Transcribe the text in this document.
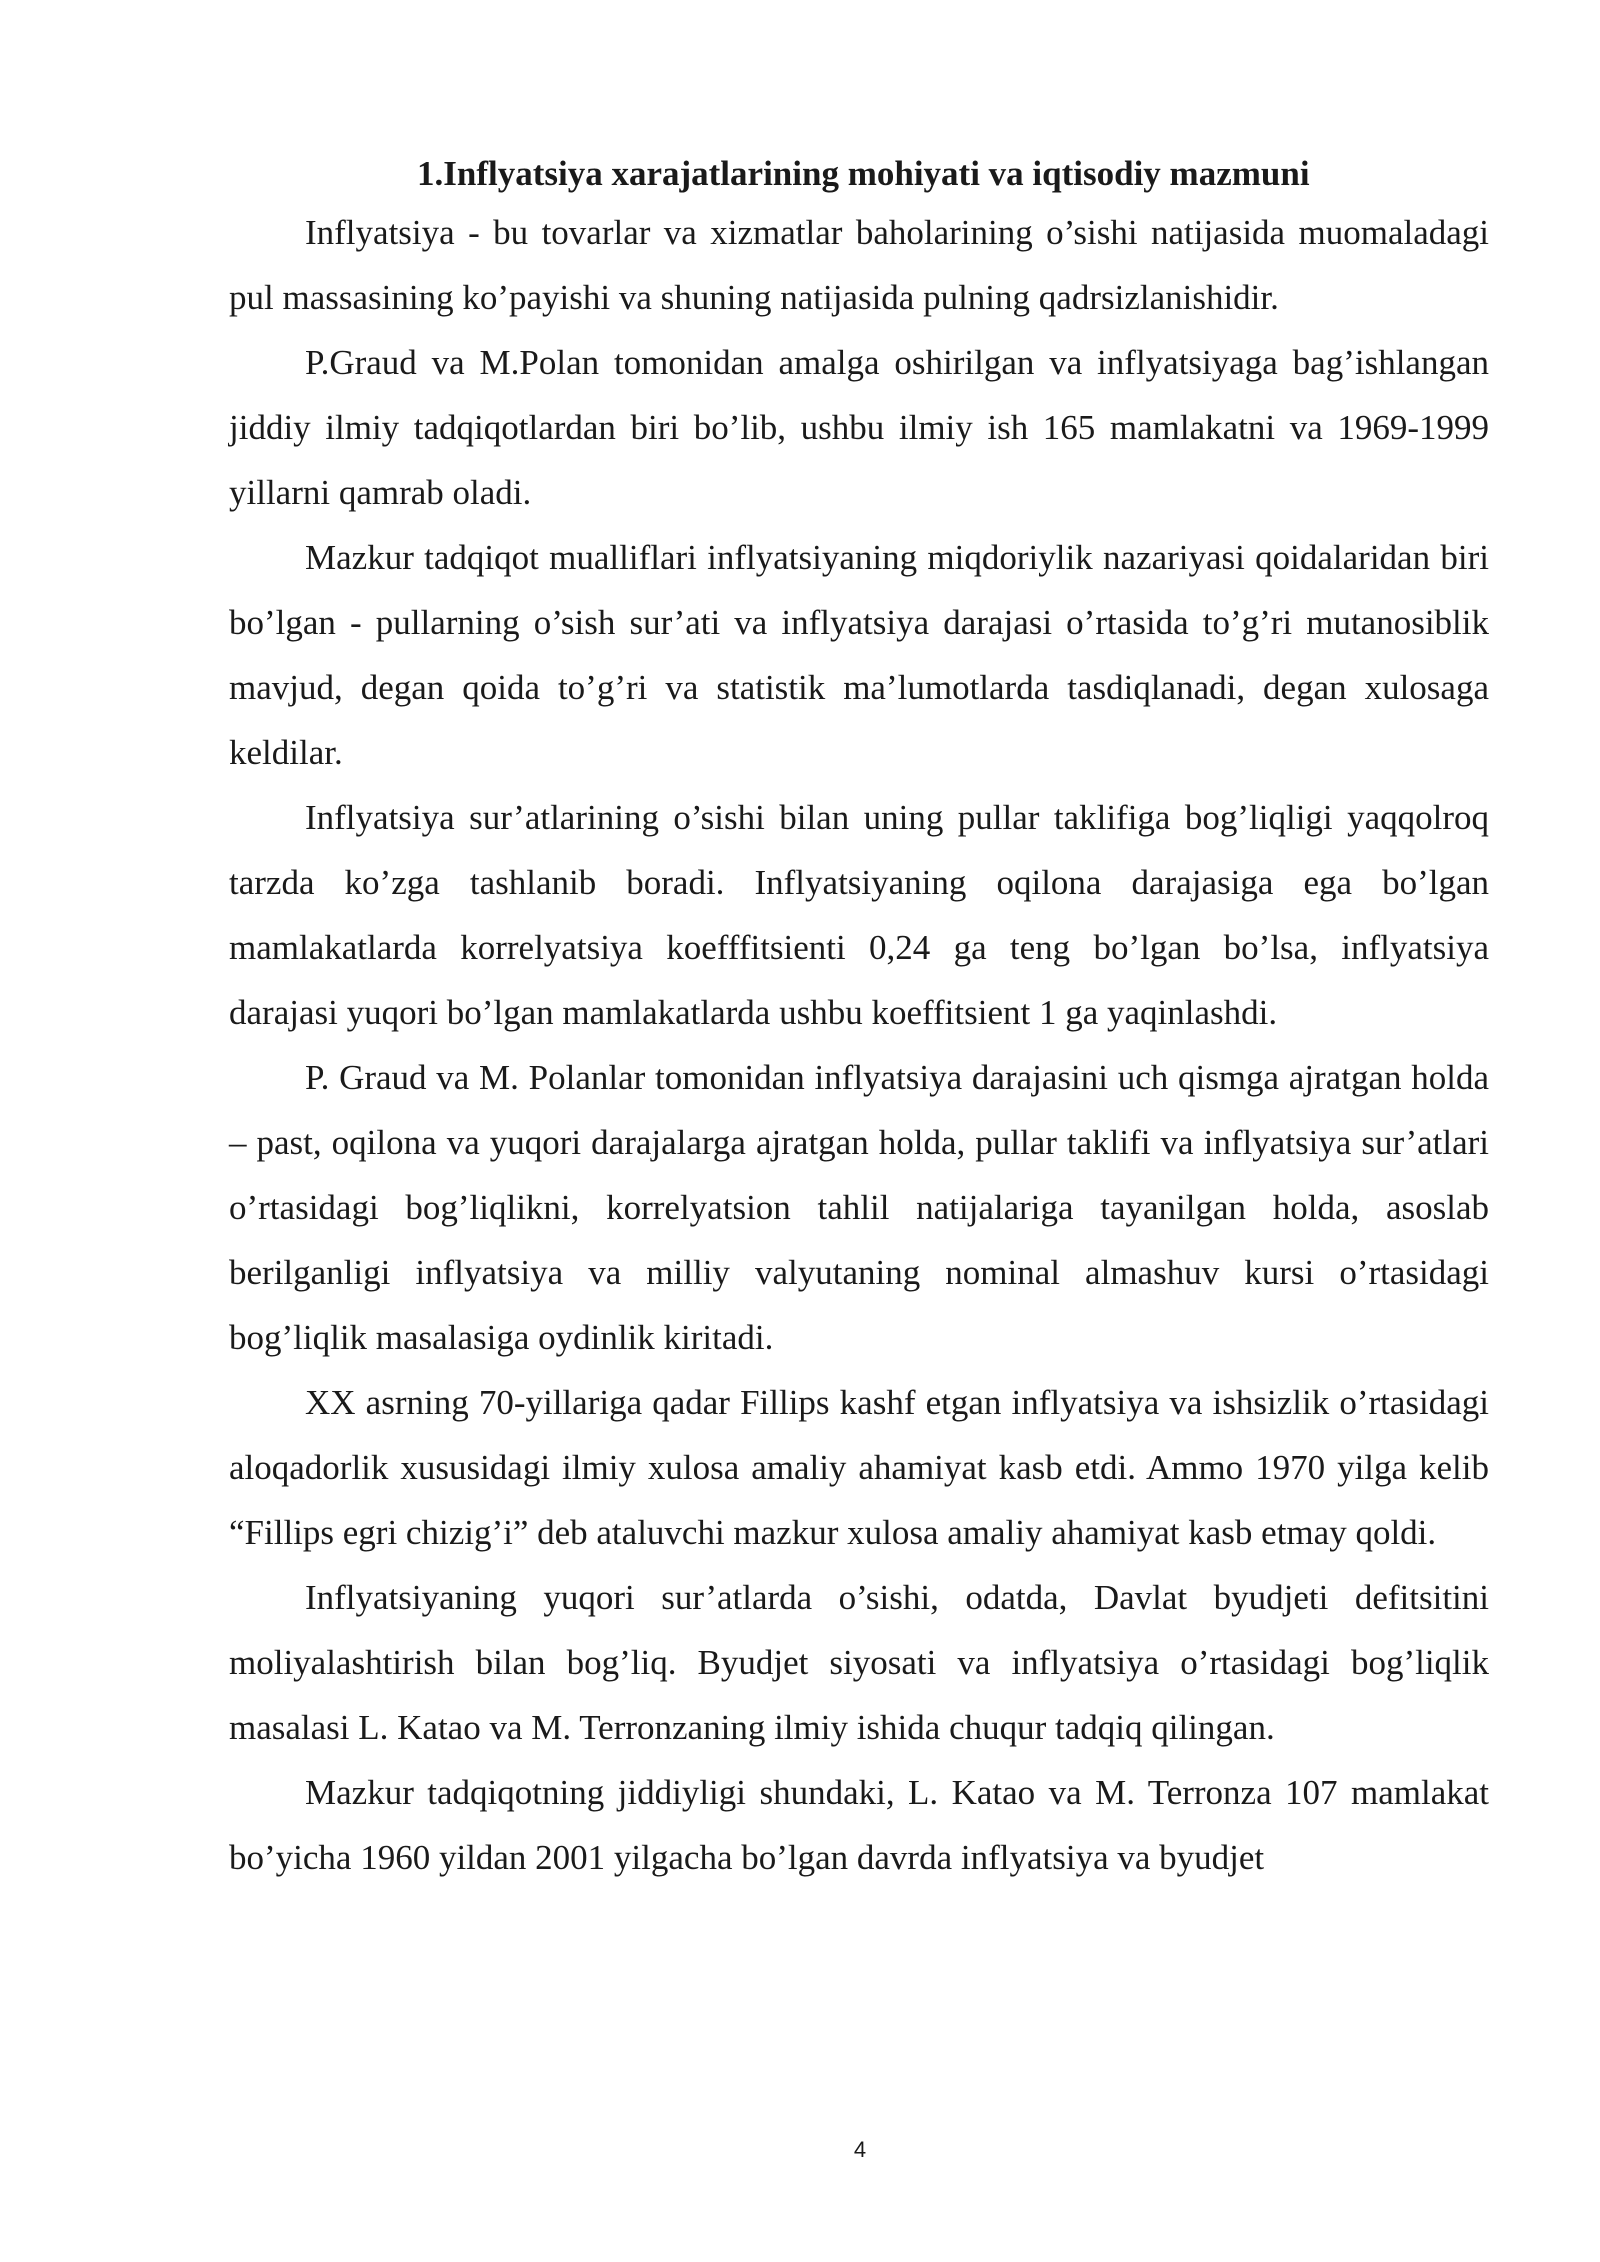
1.Inflyatsiya xarajatlarining mohiyati va iqtisodiy mazmuni

Inflyatsiya - bu tovarlar va xizmatlar baholarining o’sishi natijasida muomaladagi pul massasining ko’payishi va shuning natijasida pulning qadrsizlanishidir.

P.Graud va M.Polan tomonidan amalga oshirilgan va inflyatsiyaga bag’ishlangan jiddiy ilmiy tadqiqotlardan biri bo’lib, ushbu ilmiy ish 165 mamlakatni va 1969-1999 yillarni qamrab oladi.

Mazkur tadqiqot mualliflari inflyatsiyaning miqdoriylik nazariyasi qoidalaridan biri bo’lgan - pullarning o’sish sur’ati va inflyatsiya darajasi o’rtasida to’g’ri mutanosiblik mavjud, degan qoida to’g’ri va statistik ma’lumotlarda tasdiqlanadi, degan xulosaga keldilar.

Inflyatsiya sur’atlarining o’sishi bilan uning pullar taklifiga bog’liqligi yaqqolroq tarzda ko’zga tashlanib boradi. Inflyatsiyaning oqilona darajasiga ega bo’lgan mamlakatlarda korrelyatsiya koefffitsienti 0,24 ga teng bo’lgan bo’lsa, inflyatsiya darajasi yuqori bo’lgan mamlakatlarda ushbu koeffitsient 1 ga yaqinlashdi.

P. Graud va M. Polanlar tomonidan inflyatsiya darajasini uch qismga ajratgan holda – past, oqilona va yuqori darajalarga ajratgan holda, pullar taklifi va inflyatsiya sur’atlari o’rtasidagi bog’liqlikni, korrelyatsion tahlil natijalariga tayanilgan holda, asoslab berilganligi inflyatsiya va milliy valyutaning nominal almashuv kursi o’rtasidagi bog’liqlik masalasiga oydinlik kiritadi.

XX asrning 70-yillariga qadar Fillips kashf etgan inflyatsiya va ishsizlik o’rtasidagi aloqadorlik xususidagi ilmiy xulosa amaliy ahamiyat kasb etdi. Ammo 1970 yilga kelib “Fillips egri chizig’i” deb ataluvchi mazkur xulosa amaliy ahamiyat kasb etmay qoldi.

Inflyatsiyaning yuqori sur’atlarda o’sishi, odatda, Davlat byudjeti defitsitini moliyalashtirish bilan bog’liq. Byudjet siyosati va inflyatsiya o’rtasidagi bog’liqlik masalasi L. Katao va M. Terronzaning ilmiy ishida chuqur tadqiq qilingan.

Mazkur tadqiqotning jiddiyligi shundaki, L. Katao va M. Terronza 107 mamlakat bo’yicha 1960 yildan 2001 yilgacha bo’lgan davrda inflyatsiya va byudjet

4
